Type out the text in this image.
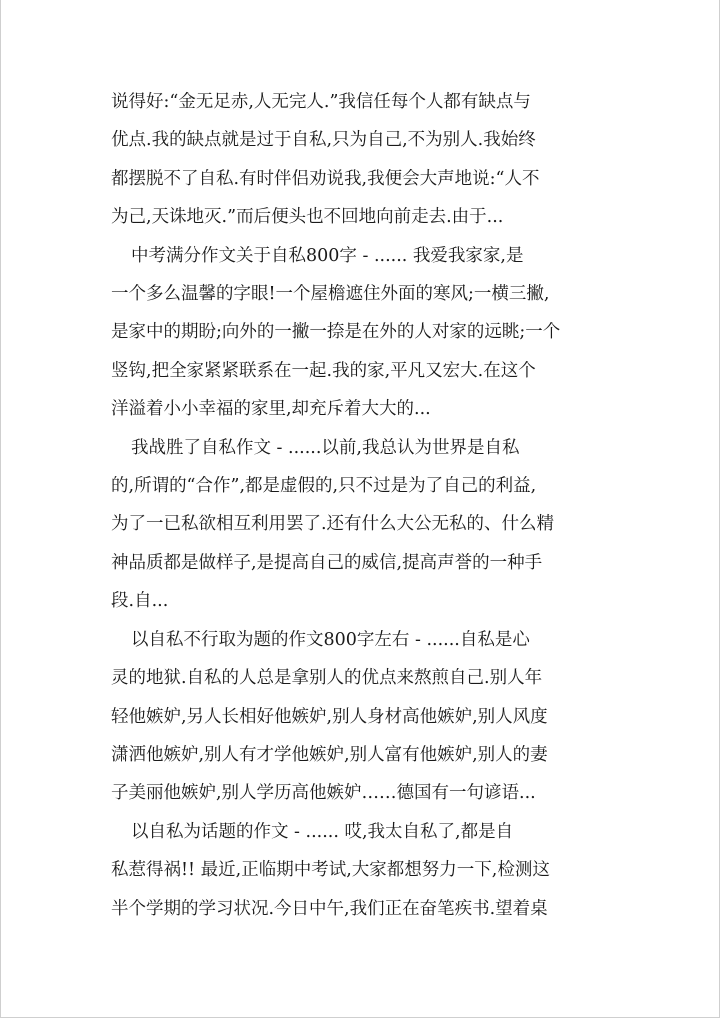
说得好:“金无足赤,人无完人.”我信任每个人都有缺点与
优点.我的缺点就是过于自私,只为自己,不为别人.我始终
都摆脱不了自私.有时伴侣劝说我,我便会大声地说:“人不
为己,天诛地灭.”而后便头也不回地向前走去.由于...
中考满分作文关于自私800字 - ...... 我爱我家家,是
一个多么温馨的字眼!一个屋檐遮住外面的寒风;一横三撇,
是家中的期盼;向外的一撇一捺是在外的人对家的远眺;一个
竖钩,把全家紧紧联系在一起.我的家,平凡又宏大.在这个
洋溢着小小幸福的家里,却充斥着大大的...
我战胜了自私作文 - ......以前,我总认为世界是自私
的,所谓的“合作”,都是虚假的,只不过是为了自己的利益,
为了一已私欲相互利用罢了.还有什么大公无私的、什么精
神品质都是做样子,是提高自己的威信,提高声誉的一种手
段.自...
以自私不行取为题的作文800字左右 - ......自私是心
灵的地狱.自私的人总是拿别人的优点来熬煎自己.别人年
轻他嫉妒,另人长相好他嫉妒,别人身材高他嫉妒,别人风度
潇洒他嫉妒,别人有才学他嫉妒,别人富有他嫉妒,别人的妻
子美丽他嫉妒,别人学历高他嫉妒……德国有一句谚语...
以自私为话题的作文 - ...... 哎,我太自私了,都是自
私惹得祸!! 最近,正临期中考试,大家都想努力一下,检测这
半个学期的学习状况.今日中午,我们正在奋笔疾书.望着桌
